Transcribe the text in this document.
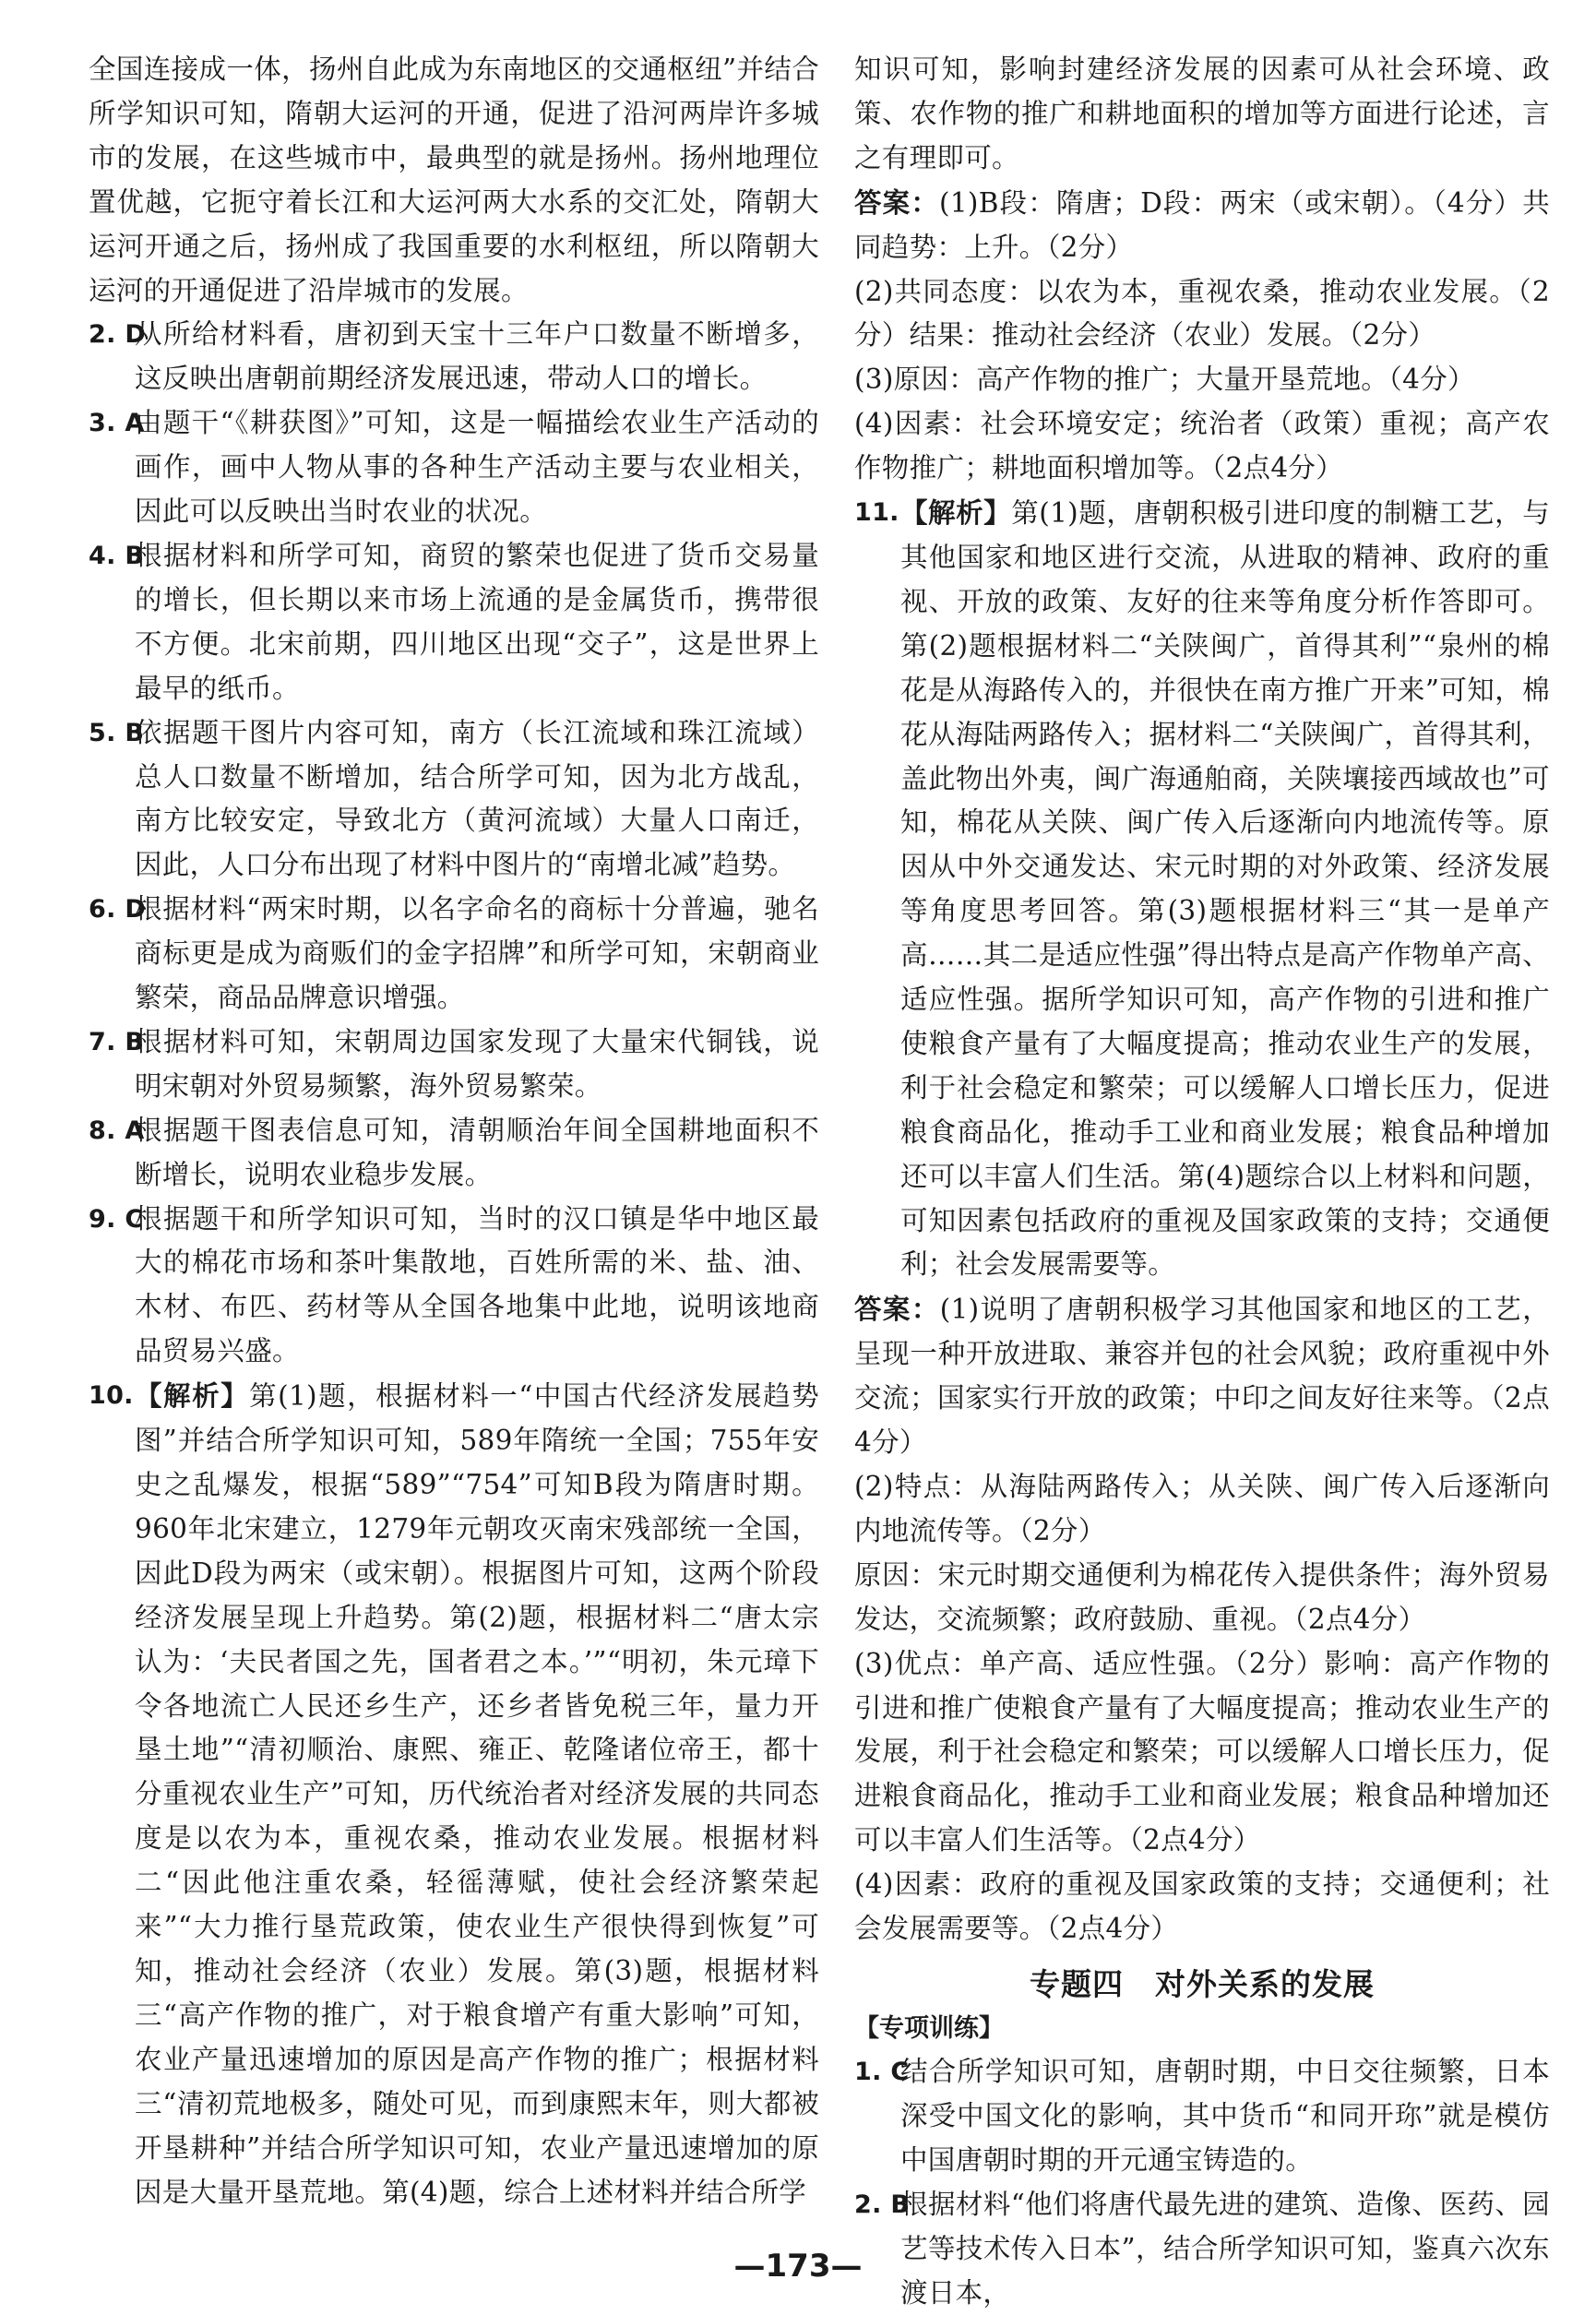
全国连接成一体，扬州自此成为东南地区的交通枢纽”并结合所学知识可知，隋朝大运河的开通，促进了沿河两岸许多城市的发展，在这些城市中，最典型的就是扬州。扬州地理位置优越，它扼守着长江和大运河两大水系的交汇处，隋朝大运河开通之后，扬州成了我国重要的水利枢纽，所以隋朝大运河的开通促进了沿岸城市的发展。

2. D
从所给材料看，唐初到天宝十三年户口数量不断增多，这反映出唐朝前期经济发展迅速，带动人口的增长。
3. A
由题干“《耕获图》”可知，这是一幅描绘农业生产活动的画作，画中人物从事的各种生产活动主要与农业相关，因此可以反映出当时农业的状况。
4. B
根据材料和所学可知，商贸的繁荣也促进了货币交易量的增长，但长期以来市场上流通的是金属货币，携带很不方便。北宋前期，四川地区出现“交子”，这是世界上最早的纸币。
5. B
依据题干图片内容可知，南方（长江流域和珠江流域）总人口数量不断增加，结合所学可知，因为北方战乱，南方比较安定，导致北方（黄河流域）大量人口南迁，因此，人口分布出现了材料中图片的“南增北减”趋势。
6. D
根据材料“两宋时期，以名字命名的商标十分普遍，驰名商标更是成为商贩们的金字招牌”和所学可知，宋朝商业繁荣，商品品牌意识增强。
7. B
根据材料可知，宋朝周边国家发现了大量宋代铜钱，说明宋朝对外贸易频繁，海外贸易繁荣。
8. A
根据题干图表信息可知，清朝顺治年间全国耕地面积不断增长，说明农业稳步发展。
9. C
根据题干和所学知识可知，当时的汉口镇是华中地区最大的棉花市场和茶叶集散地，百姓所需的米、盐、油、木材、布匹、药材等从全国各地集中此地，说明该地商品贸易兴盛。
10. 【解析】第(1)题，根据材料一“中国古代经济发展趋势图”并结合所学知识可知，589年隋统一全国；755年安史之乱爆发，根据“589”“754”可知B段为隋唐时期。960年北宋建立，1279年元朝攻灭南宋残部统一全国，因此D段为两宋（或宋朝）。根据图片可知，这两个阶段经济发展呈现上升趋势。第(2)题，根据材料二“唐太宗认为：‘夫民者国之先，国者君之本。’”“明初，朱元璋下令各地流亡人民还乡生产，还乡者皆免税三年，量力开垦土地”“清初顺治、康熙、雍正、乾隆诸位帝王，都十分重视农业生产”可知，历代统治者对经济发展的共同态度是以农为本，重视农桑，推动农业发展。根据材料二“因此他注重农桑，轻徭薄赋，使社会经济繁荣起来”“大力推行垦荒政策，使农业生产很快得到恢复”可知，推动社会经济（农业）发展。第(3)题，根据材料三“高产作物的推广，对于粮食增产有重大影响”可知，农业产量迅速增加的原因是高产作物的推广；根据材料三“清初荒地极多，随处可见，而到康熙末年，则大都被开垦耕种”并结合所学知识可知，农业产量迅速增加的原因是大量开垦荒地。第(4)题，综合上述材料并结合所学

知识可知，影响封建经济发展的因素可从社会环境、政策、农作物的推广和耕地面积的增加等方面进行论述，言之有理即可。

答案：(1)B段：隋唐；D段：两宋（或宋朝）。（4分）共同趋势：上升。（2分）

(2)共同态度：以农为本，重视农桑，推动农业发展。（2分）结果：推动社会经济（农业）发展。（2分）

(3)原因：高产作物的推广；大量开垦荒地。（4分）

(4)因素：社会环境安定；统治者（政策）重视；高产农作物推广；耕地面积增加等。（2点4分）

11. 【解析】第(1)题，唐朝积极引进印度的制糖工艺，与其他国家和地区进行交流，从进取的精神、政府的重视、开放的政策、友好的往来等角度分析作答即可。第(2)题根据材料二“关陕闽广，首得其利”“泉州的棉花是从海路传入的，并很快在南方推广开来”可知，棉花从海陆两路传入；据材料二“关陕闽广，首得其利，盖此物出外夷，闽广海通舶商，关陕壤接西域故也”可知，棉花从关陕、闽广传入后逐渐向内地流传等。原因从中外交通发达、宋元时期的对外政策、经济发展等角度思考回答。第(3)题根据材料三“其一是单产高……其二是适应性强”得出特点是高产作物单产高、适应性强。据所学知识可知，高产作物的引进和推广使粮食产量有了大幅度提高；推动农业生产的发展，利于社会稳定和繁荣；可以缓解人口增长压力，促进粮食商品化，推动手工业和商业发展；粮食品种增加还可以丰富人们生活。第(4)题综合以上材料和问题，可知因素包括政府的重视及国家政策的支持；交通便利；社会发展需要等。

答案：(1)说明了唐朝积极学习其他国家和地区的工艺，呈现一种开放进取、兼容并包的社会风貌；政府重视中外交流；国家实行开放的政策；中印之间友好往来等。（2点4分）

(2)特点：从海陆两路传入；从关陕、闽广传入后逐渐向内地流传等。（2分）

原因：宋元时期交通便利为棉花传入提供条件；海外贸易发达，交流频繁；政府鼓励、重视。（2点4分）

(3)优点：单产高、适应性强。（2分）影响：高产作物的引进和推广使粮食产量有了大幅度提高；推动农业生产的发展，利于社会稳定和繁荣；可以缓解人口增长压力，促进粮食商品化，推动手工业和商业发展；粮食品种增加还可以丰富人们生活等。（2点4分）

(4)因素：政府的重视及国家政策的支持；交通便利；社会发展需要等。（2点4分）

专题四　对外关系的发展
【专项训练】
1. C
结合所学知识可知，唐朝时期，中日交往频繁，日本深受中国文化的影响，其中货币“和同开珎”就是模仿中国唐朝时期的开元通宝铸造的。
2. B
根据材料“他们将唐代最先进的建筑、造像、医药、园艺等技术传入日本”，结合所学知识可知，鉴真六次东渡日本，
—173—
